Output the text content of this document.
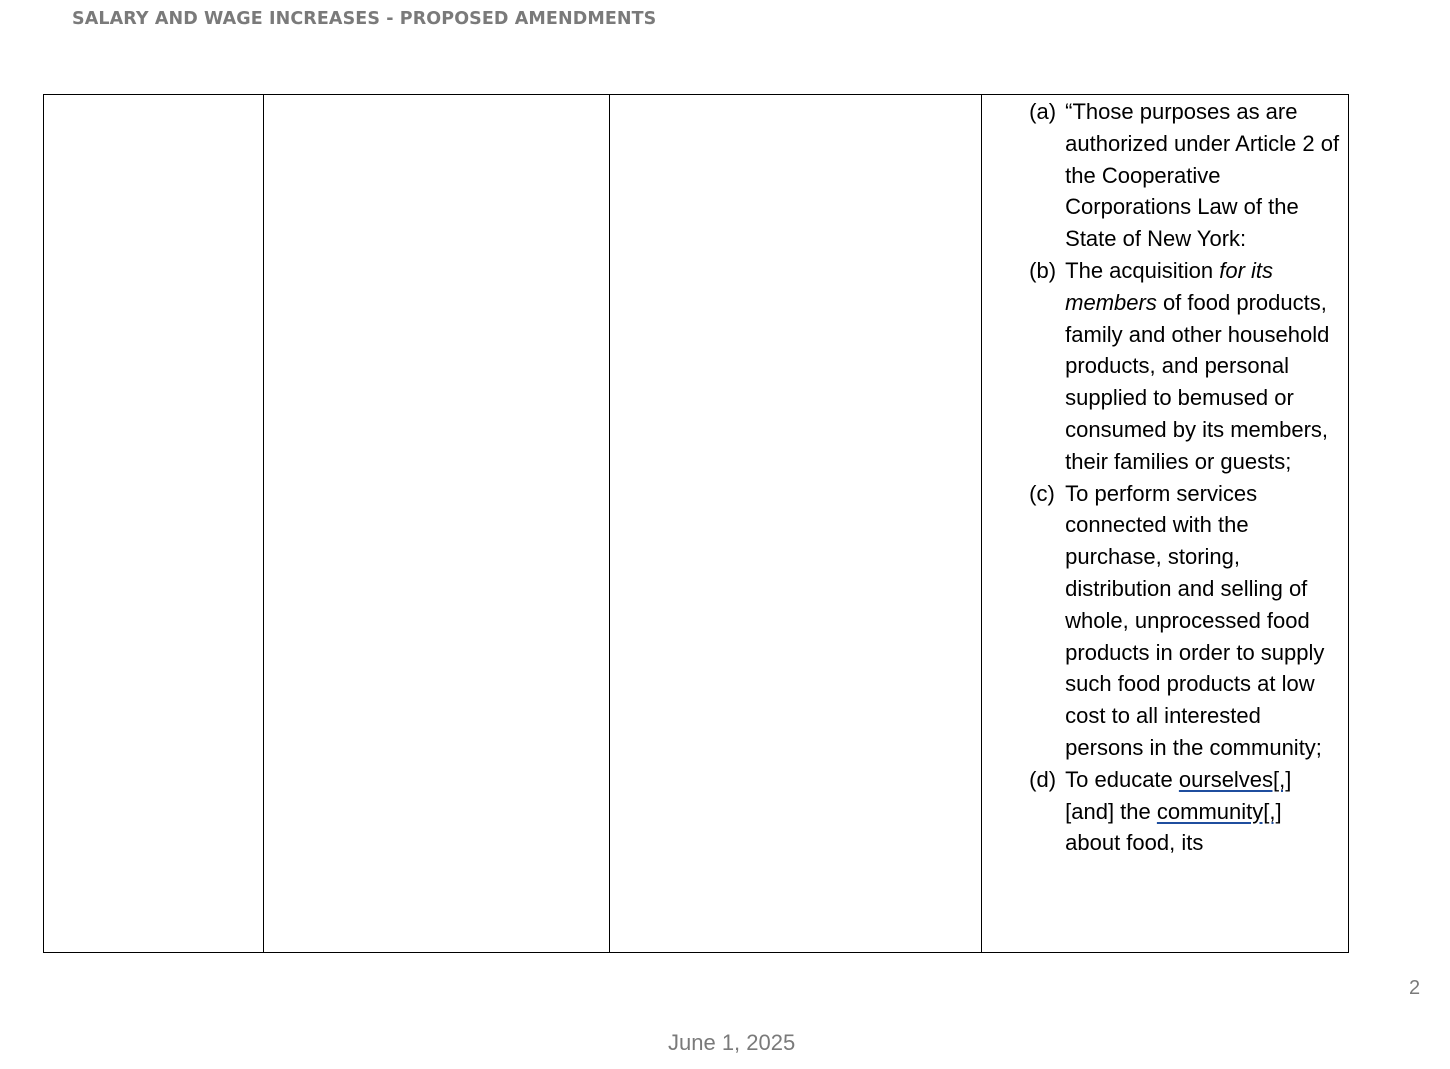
SALARY AND WAGE INCREASES - PROPOSED AMENDMENTS

(a) “Those purposes as are authorized under Article 2 of the Cooperative Corporations Law of the State of New York:
(b) The acquisition for its members of food products, family and other household products, and personal supplied to bemused or consumed by its members, their families or guests;
(c) To perform services connected with the purchase, storing, distribution and selling of whole, unprocessed food products in order to supply such food products at low cost to all interested persons in the community;
(d) To educate ourselves[,] [and] the community[,] about food, its
2
June 1, 2025
